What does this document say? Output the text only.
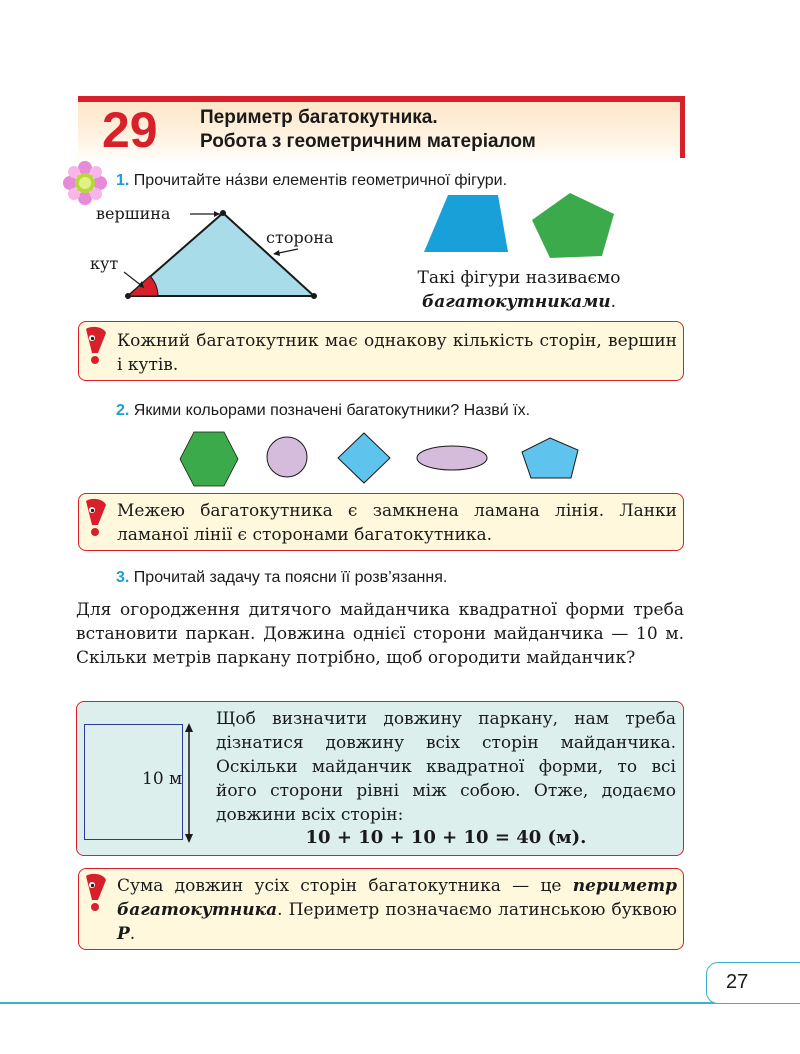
29 Периметр багатокутника.
Робота з геометричним матеріалом
1. Прочитайте на́зви елементів геометричної фігури.
вершина
сторона
кут
Такі фігури називаємо
багатокутниками.
Кожний багатокутник має однакову кількість сторін, вершин і кутів.
2. Якими кольорами позначені багатокутники? Назви́ їх.
Межею багатокутника є замкнена ламана лінія. Ланки ламаної лінії є сторонами багатокутника.
3. Прочитай задачу та поясни її розв’язання.
Для огородження дитячого майданчика квадратної форми треба встановити паркан. Довжина однієї сторони майданчика — 10 м. Скільки метрів паркану потрібно, щоб огородити майданчик?
10 м
Щоб визначити довжину паркану, нам треба дізнатися довжину всіх сторін майданчика. Оскільки майданчик квадратної форми, то всі його сторони рівні між собою. Отже, додаємо довжини всіх сторін:
10 + 10 + 10 + 10 = 40 (м).
Сума довжин усіх сторін багатокутника — це периметр багатокутника. Периметр позначаємо латинською буквою P.
27
